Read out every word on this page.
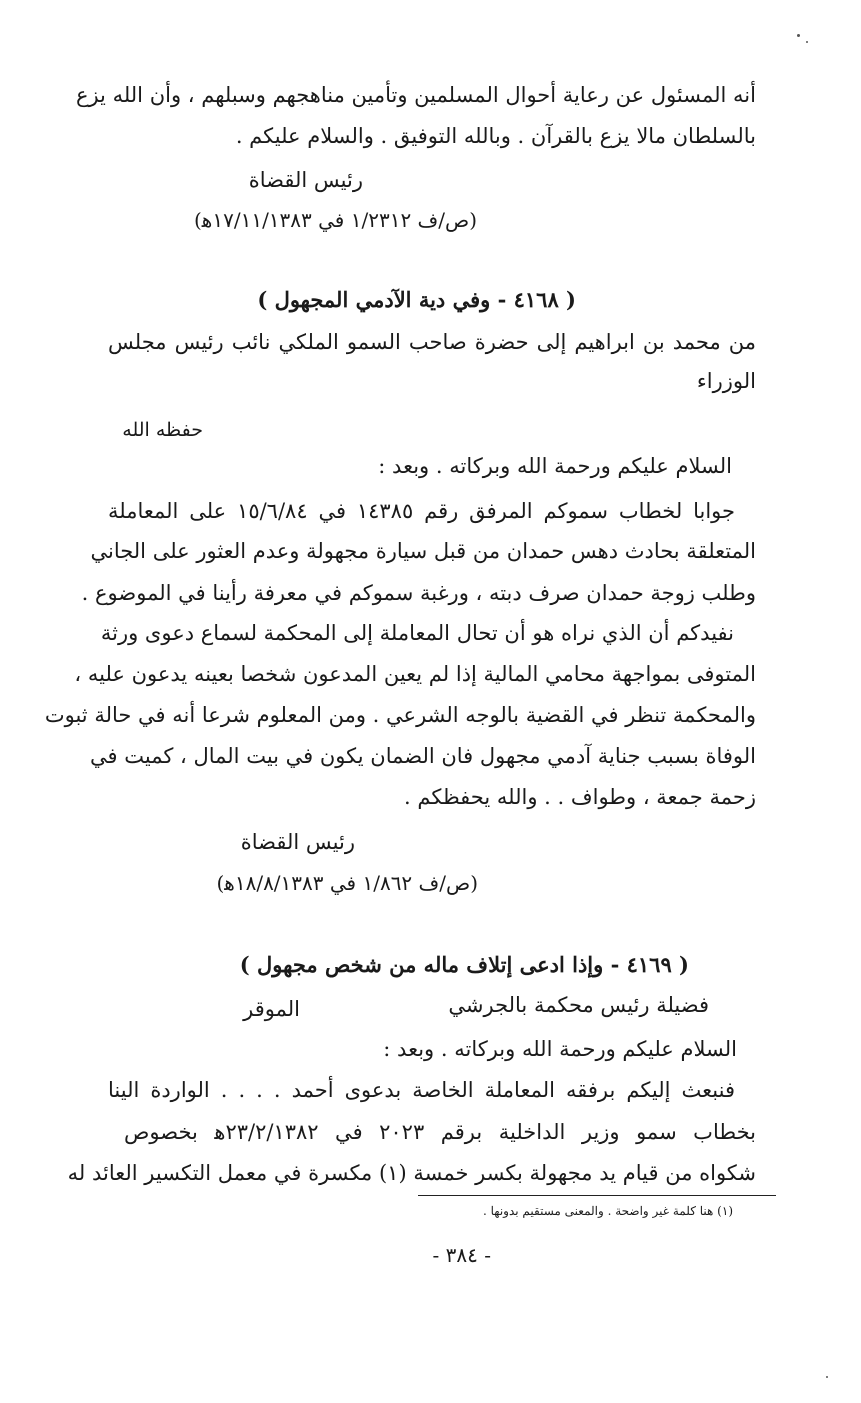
أنه المسئول عن رعاية أحوال المسلمين وتأمين مناهجهم وسبلهم ، وأن الله يزع

بالسلطان مالا يزع بالقرآن . وبالله التوفيق . والسلام عليكم .

رئيس القضاة

(ص/ف ١/٢٣١٢ في ١٧/١١/١٣٨٣ﻫ)

( ٤١٦٨ - وفي دية الآدمي المجهول )

من محمد بن ابراهيم إلى حضرة صاحب السمو الملكي نائب رئيس مجلس

الوزراء

حفظه الله

السلام عليكم ورحمة الله وبركاته . وبعد :

جوابا لخطاب سموكم المرفق رقم ١٤٣٨٥ في ١٥/٦/٨٤ على المعاملة

المتعلقة بحادث دهس حمدان من قبل سيارة مجهولة وعدم العثور على الجاني

وطلب زوجة حمدان صرف دبته ، ورغبة سموكم في معرفة رأينا في الموضوع .

نفيدكم أن الذي نراه هو أن تحال المعاملة إلى المحكمة لسماع دعوى ورثة

المتوفى بمواجهة محامي المالية إذا لم يعين المدعون شخصا بعينه يدعون عليه ،

والمحكمة تنظر في القضية بالوجه الشرعي . ومن المعلوم شرعا أنه في حالة ثبوت

الوفاة بسبب جناية آدمي مجهول فان الضمان يكون في بيت المال ، كميت في

زحمة جمعة ، وطواف . . والله يحفظكم .

رئيس القضاة

(ص/ف ١/٨٦٢ في ١٨/٨/١٣٨٣ﻫ)

( ٤١٦٩ - وإذا ادعى إتلاف ماله من شخص مجهول )

فضيلة رئيس محكمة بالجرشي

الموقر

السلام عليكم ورحمة الله وبركاته . وبعد :

فنبعث إليكم برفقه المعاملة الخاصة بدعوى أحمد . . . . الواردة الينا

بخطاب سمو وزير الداخلية برقم ٢٠٢٣ في ٢٣/٢/١٣٨٢ﻫ بخصوص

شكواه من قيام يد مجهولة بكسر خمسة (١) مكسرة في معمل التكسير العائد له

(١) هنا كلمة غير واضحة . والمعنى مستقيم بدونها .

- ٣٨٤ -
